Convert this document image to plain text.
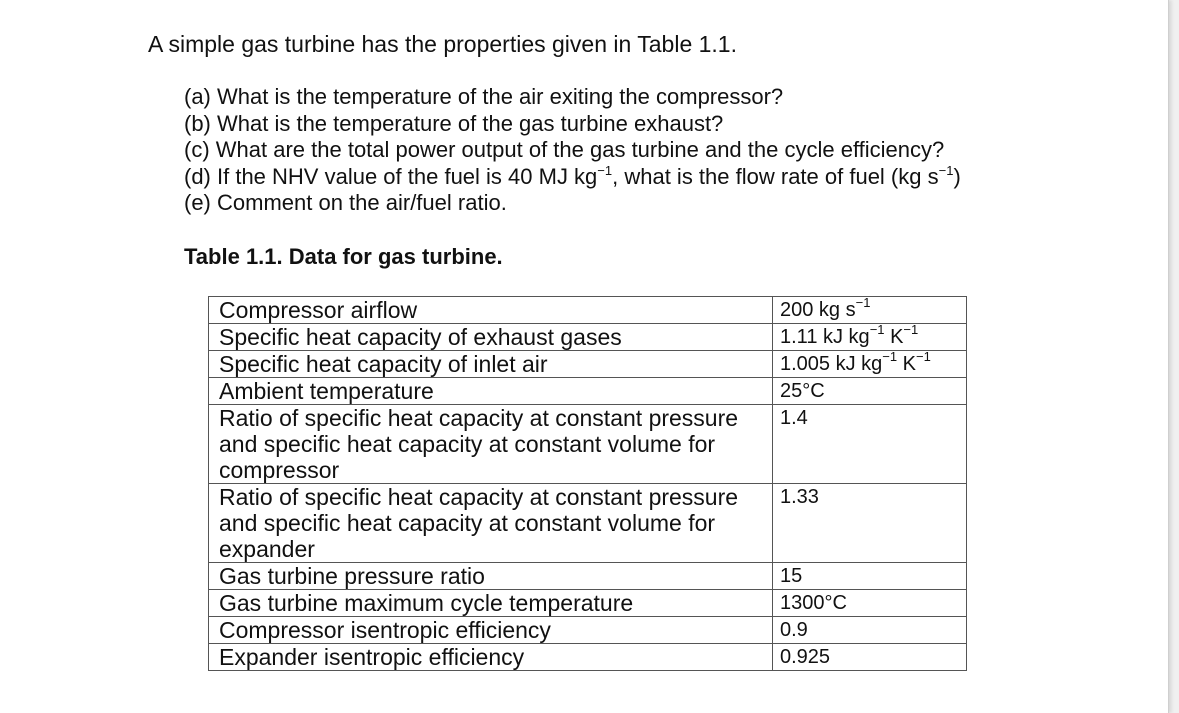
A simple gas turbine has the properties given in Table 1.1.

(a) What is the temperature of the air exiting the compressor?
(b) What is the temperature of the gas turbine exhaust?
(c) What are the total power output of the gas turbine and the cycle efficiency?
(d) If the NHV value of the fuel is 40 MJ $kg^{-1}$, what is the flow rate of fuel (kg $s^{-1}$)
(e) Comment on the air/fuel ratio.

Table 1.1. Data for gas turbine.

Compressor airflow	200 kg $s^{-1}$
Specific heat capacity of exhaust gases	1.11 kJ $kg^{-1}$ $K^{-1}$
Specific heat capacity of inlet air	1.005 kJ $kg^{-1}$ $K^{-1}$
Ambient temperature	25°C
Ratio of specific heat capacity at constant pressure and specific heat capacity at constant volume for compressor	1.4
Ratio of specific heat capacity at constant pressure and specific heat capacity at constant volume for expander	1.33
Gas turbine pressure ratio	15
Gas turbine maximum cycle temperature	1300°C
Compressor isentropic efficiency	0.9
Expander isentropic efficiency	0.925
